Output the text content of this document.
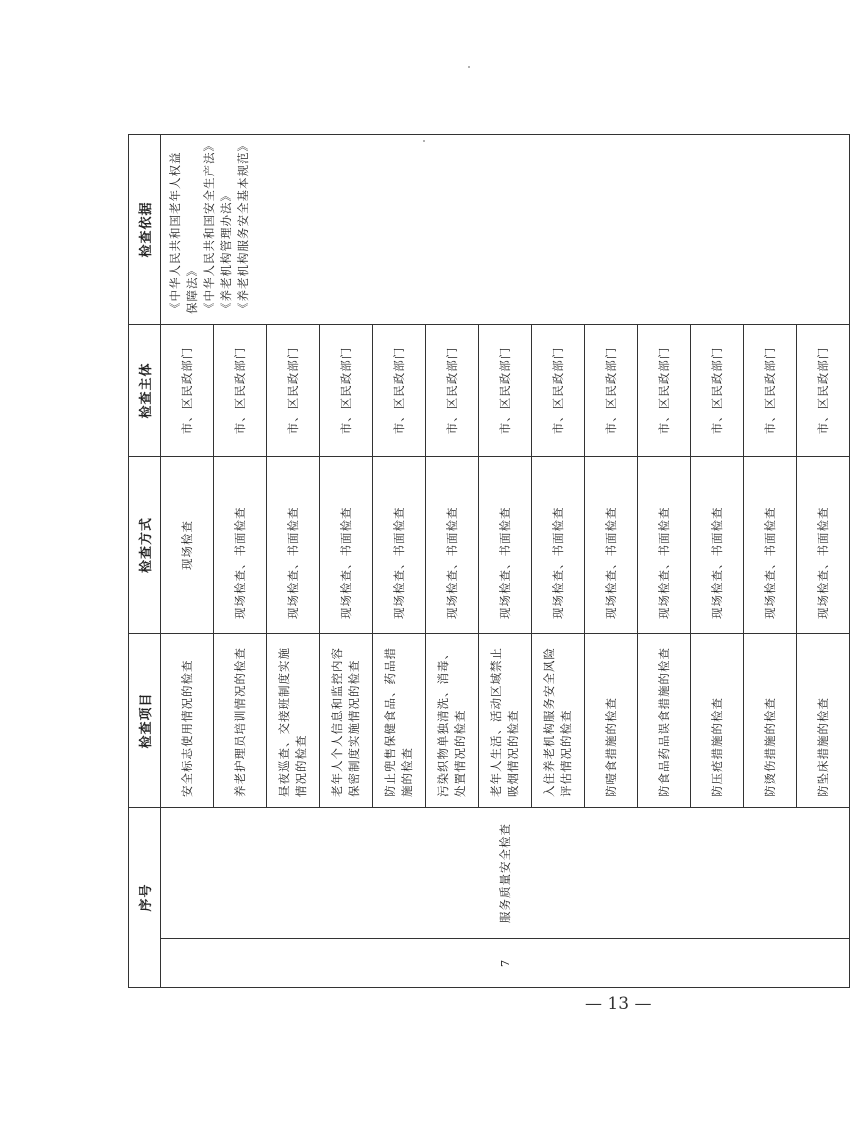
序号		检查项目	检查方式	检查主体	检查依据
7	服务质量安全检查	安全标志使用情况的检查	现场检查	市、区民政部门	《中华人民共和国老年人权益保障法》 《中华人民共和国安全生产法》 《养老机构管理办法》 《养老机构服务安全基本规范》

		养老护理员培训情况的检查	现场检查、书面检查	市、区民政部门	
		昼夜巡查、交接班制度实施情况的检查	现场检查、书面检查	市、区民政部门	
		老年人个人信息和监控内容保密制度实施情况的检查	现场检查、书面检查	市、区民政部门	
		防止兜售保健食品、药品措施的检查	现场检查、书面检查	市、区民政部门	
		污染织物单独清洗、消毒、处置情况的检查	现场检查、书面检查	市、区民政部门	
		老年人生活、活动区域禁止吸烟情况的检查	现场检查、书面检查	市、区民政部门	
		入住养老机构服务安全风险评估情况的检查	现场检查、书面检查	市、区民政部门	
		防噎食措施的检查	现场检查、书面检查	市、区民政部门	
		防食品药品误食措施的检查	现场检查、书面检查	市、区民政部门	
		防压疮措施的检查	现场检查、书面检查	市、区民政部门	
		防烫伤措施的检查	现场检查、书面检查	市、区民政部门	
		防坠床措施的检查	现场检查、书面检查	市、区民政部门	
— 13 —
